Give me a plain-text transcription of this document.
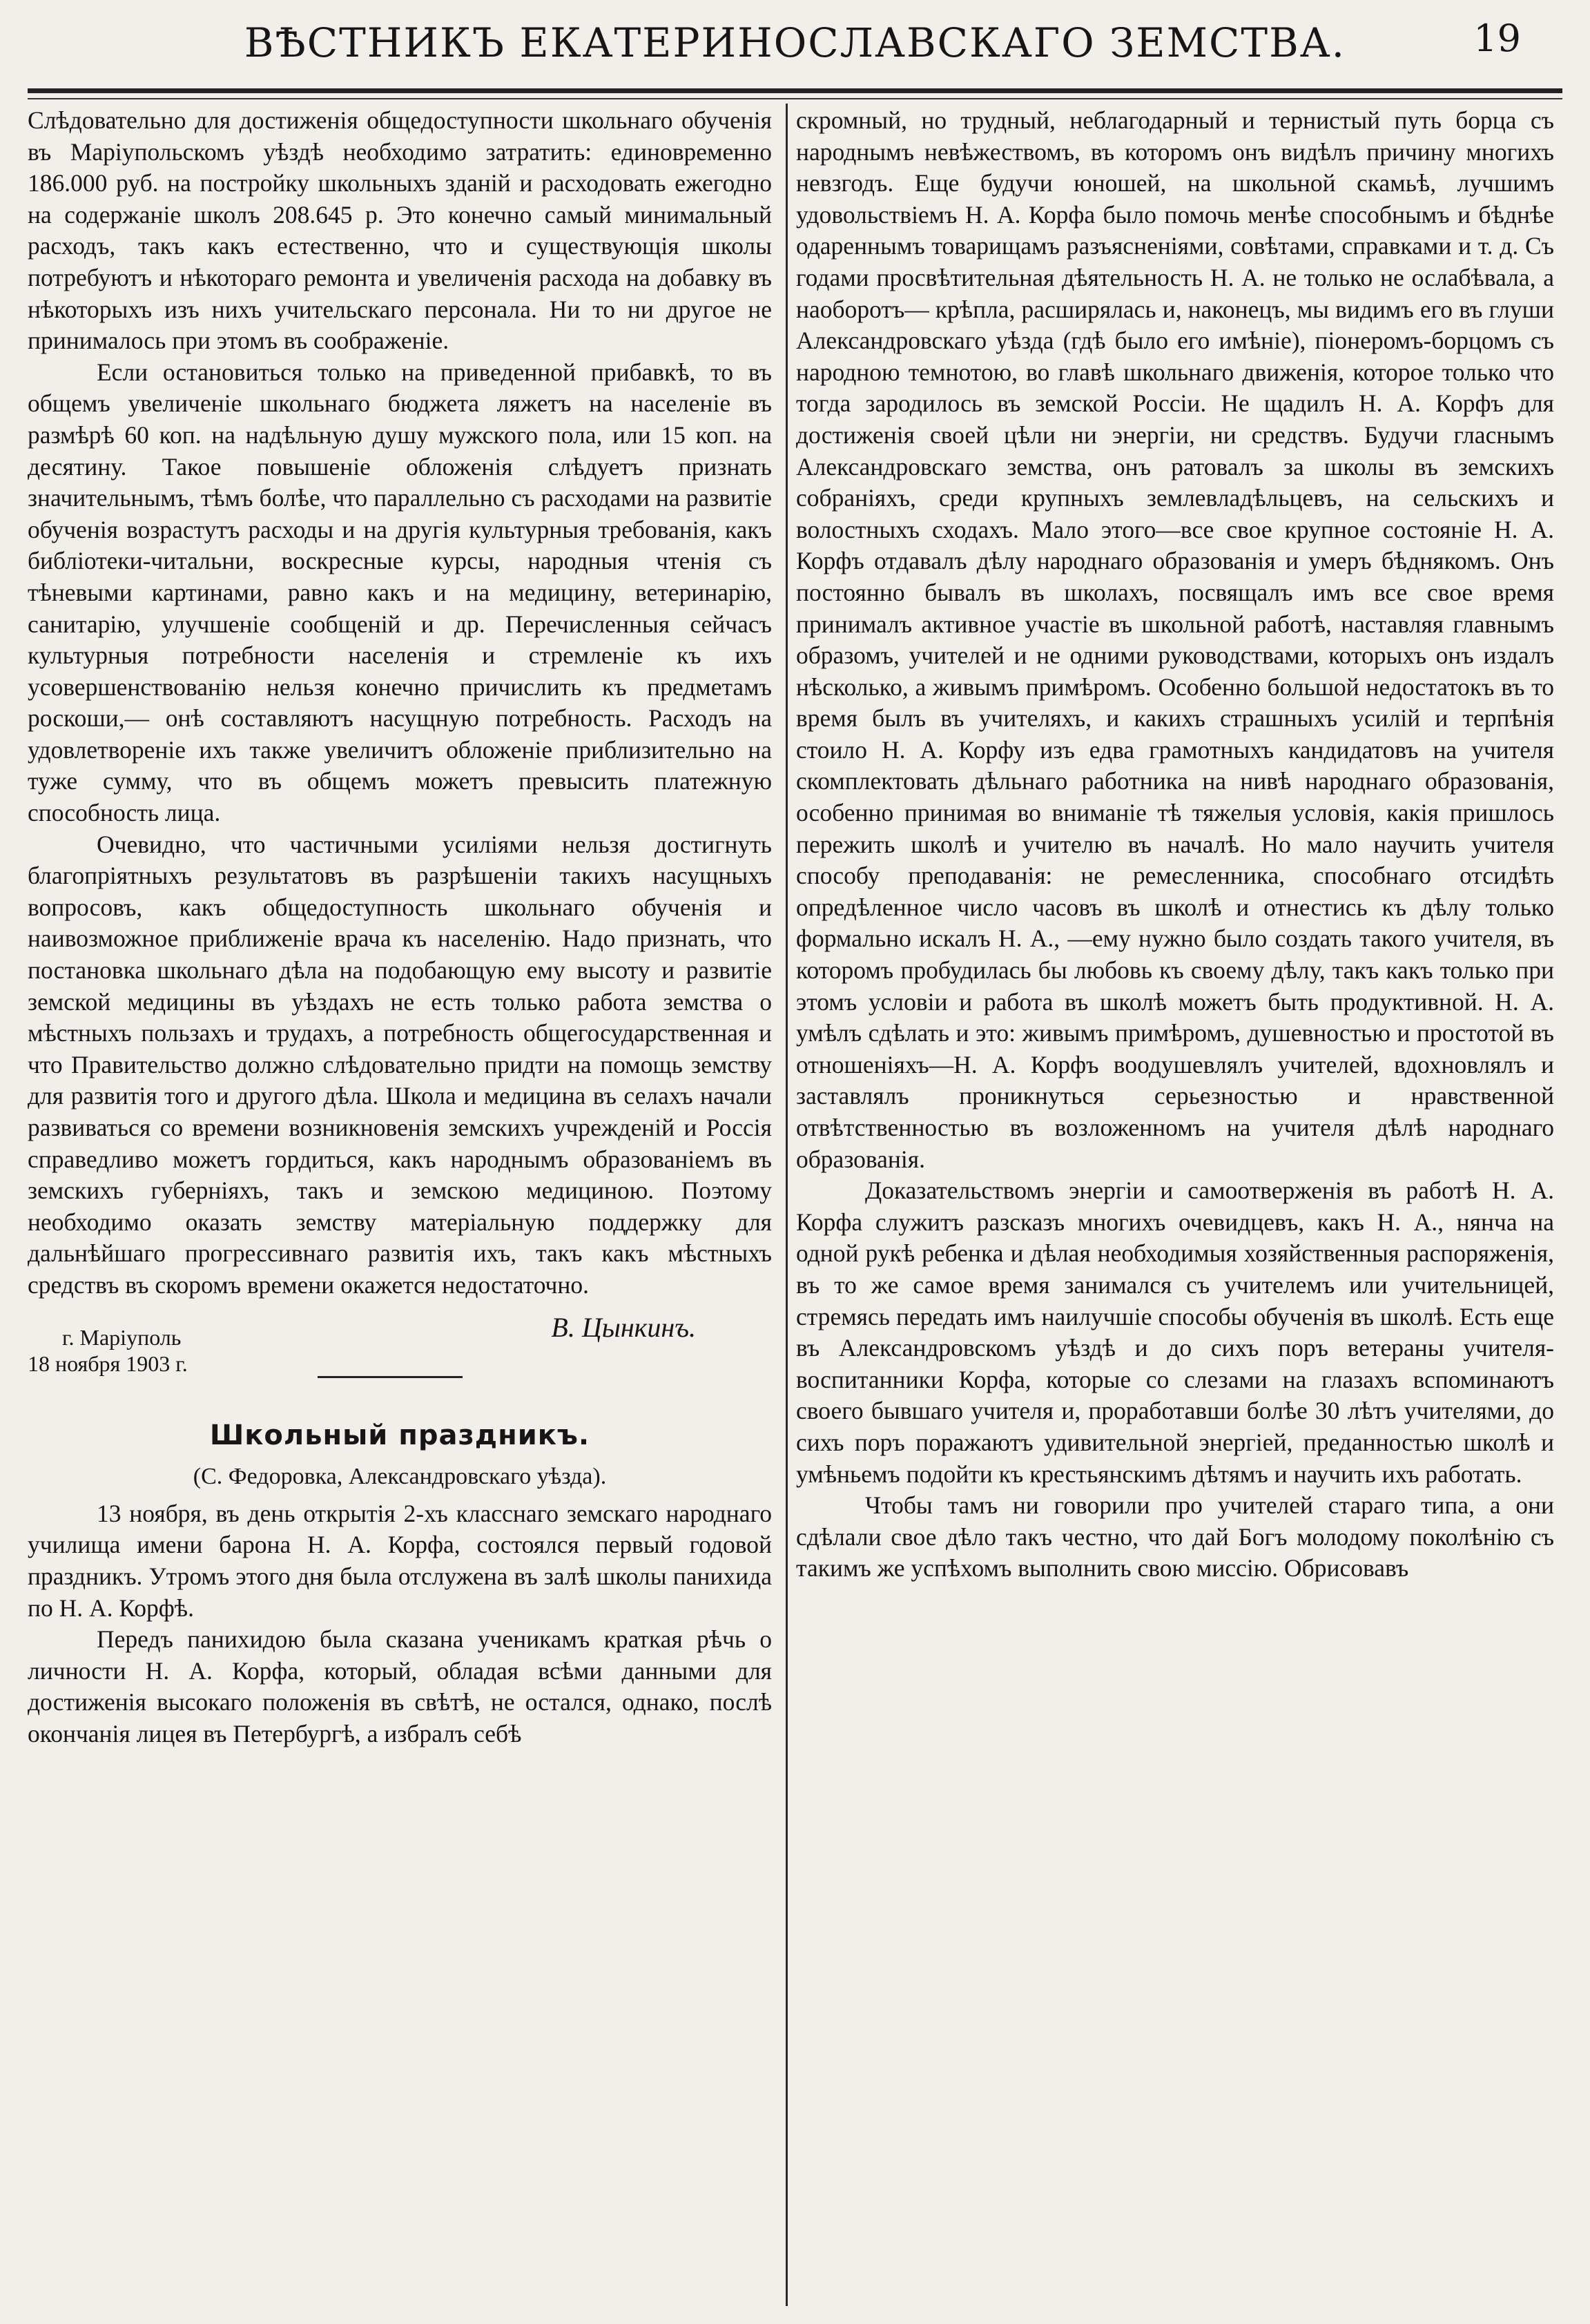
ВѢСТНИКЪ ЕКАТЕРИНОСЛАВСКАГО ЗЕМСТВА.	19

Слѣдовательно для достиженія общедоступности школьнаго обученія въ Маріупольскомъ уѣздѣ необходимо затратить: единовременно 186.000 руб. на постройку школьныхъ зданій и расходовать ежегодно на содержаніе школъ 208.645 р. Это конечно самый минимальный расходъ, такъ какъ естественно, что и существующія школы потребуютъ и нѣкотораго ремонта и увеличенія расхода на добавку въ нѣкоторыхъ изъ нихъ учительскаго персонала. Ни то ни другое не принималось при этомъ въ соображеніе.

Если остановиться только на приведенной прибавкѣ, то въ общемъ увеличеніе школьнаго бюджета ляжетъ на населеніе въ размѣрѣ 60 коп. на надѣльную душу мужского пола, или 15 коп. на десятину. Такое повышеніе обложенія слѣдуетъ признать значительнымъ, тѣмъ болѣе, что параллельно съ расходами на развитіе обученія возрастутъ расходы и на другія культурныя требованія, какъ библіотеки-читальни, воскресные курсы, народныя чтенія съ тѣневыми картинами, равно какъ и на медицину, ветеринарію, санитарію, улучшеніе сообщеній и др. Перечисленныя сейчасъ культурныя потребности населенія и стремленіе къ ихъ усовершенствованію нельзя конечно причислить къ предметамъ роскоши,— онѣ составляютъ насущную потребность. Расходъ на удовлетвореніе ихъ также увеличитъ обложеніе приблизительно на туже сумму, что въ общемъ можетъ превысить платежную способность лица.

Очевидно, что частичными усиліями нельзя достигнуть благопріятныхъ результатовъ въ разрѣшеніи такихъ насущныхъ вопросовъ, какъ общедоступность школьнаго обученія и наивозможное приближеніе врача къ населенію. Надо признать, что постановка школьнаго дѣла на подобающую ему высоту и развитіе земской медицины въ уѣздахъ не есть только работа земства о мѣстныхъ пользахъ и трудахъ, а потребность общегосударственная и что Правительство должно слѣдовательно придти на помощь земству для развитія того и другого дѣла. Школа и медицина въ селахъ начали развиваться со времени возникновенія земскихъ учрежденій и Россія справедливо можетъ гордиться, какъ народнымъ образованіемъ въ земскихъ губерніяхъ, такъ и земскою медициною. Поэтому необходимо оказать земству матеріальную поддержку для дальнѣйшаго прогрессивнаго развитія ихъ, такъ какъ мѣстныхъ средствъ въ скоромъ времени окажется недостаточно.

г. Маріуполь
18 ноября 1903 г.
В. Цынкинъ.
Школьный праздникъ.
(С. Федоровка, Александровскаго уѣзда).

13 ноября, въ день открытія 2-хъ класснаго земскаго народнаго училища имени барона Н. А. Корфа, состоялся первый годовой праздникъ. Утромъ этого дня была отслужена въ залѣ школы панихида по Н. А. Корфѣ.

Передъ панихидою была сказана ученикамъ краткая рѣчь о личности Н. А. Корфа, который, обладая всѣми данными для достиженія высокаго положенія въ свѣтѣ, не остался, однако, послѣ окончанія лицея въ Петербургѣ, а избралъ себѣ

скромный, но трудный, неблагодарный и тернистый путь борца съ народнымъ невѣжествомъ, въ которомъ онъ видѣлъ причину многихъ невзгодъ. Еще будучи юношей, на школьной скамьѣ, лучшимъ удовольствіемъ Н. А. Корфа было помочь менѣе способнымъ и бѣднѣе одареннымъ товарищамъ разъясненіями, совѣтами, справками и т. д. Съ годами просвѣтительная дѣятельность Н. А. не только не ослабѣвала, а наоборотъ— крѣпла, расширялась и, наконецъ, мы видимъ его въ глуши Александровскаго уѣзда (гдѣ было его имѣніе), піонеромъ-борцомъ съ народною темнотою, во главѣ школьнаго движенія, которое только что тогда зародилось въ земской Россіи. Не щадилъ Н. А. Корфъ для достиженія своей цѣли ни энергіи, ни средствъ. Будучи гласнымъ Александровскаго земства, онъ ратовалъ за школы въ земскихъ собраніяхъ, среди крупныхъ землевладѣльцевъ, на сельскихъ и волостныхъ сходахъ. Мало этого—все свое крупное состояніе Н. А. Корфъ отдавалъ дѣлу народнаго образованія и умеръ бѣднякомъ. Онъ постоянно бывалъ въ школахъ, посвящалъ имъ все свое время принималъ активное участіе въ школьной работѣ, наставляя главнымъ образомъ, учителей и не одними руководствами, которыхъ онъ издалъ нѣсколько, а живымъ примѣромъ. Особенно большой недостатокъ въ то время былъ въ учителяхъ, и какихъ страшныхъ усилій и терпѣнія стоило Н. А. Корфу изъ едва грамотныхъ кандидатовъ на учителя скомплектовать дѣльнаго работника на нивѣ народнаго образованія, особенно принимая во вниманіе тѣ тяжелыя условія, какія пришлось пережить школѣ и учителю въ началѣ. Но мало научить учителя способу преподаванія: не ремесленника, способнаго отсидѣть опредѣленное число часовъ въ школѣ и отнестись къ дѣлу только формально искалъ Н. А., —ему нужно было создать такого учителя, въ которомъ пробудилась бы любовь къ своему дѣлу, такъ какъ только при этомъ условіи и работа въ школѣ можетъ быть продуктивной. Н. А. умѣлъ сдѣлать и это: живымъ примѣромъ, душевностью и простотой въ отношеніяхъ—Н. А. Корфъ воодушевлялъ учителей, вдохновлялъ и заставлялъ проникнуться серьезностью и нравственной отвѣтственностью въ возложенномъ на учителя дѣлѣ народнаго образованія.

Доказательствомъ энергіи и самоотверженія въ работѣ Н. А. Корфа служитъ разсказъ многихъ очевидцевъ, какъ Н. А., нянча на одной рукѣ ребенка и дѣлая необходимыя хозяйственныя распоряженія, въ то же самое время занимался съ учителемъ или учительницей, стремясь передать имъ наилучшіе способы обученія въ школѣ. Есть еще въ Александровскомъ уѣздѣ и до сихъ поръ ветераны учителя-воспитанники Корфа, которые со слезами на глазахъ вспоминаютъ своего бывшаго учителя и, проработавши болѣе 30 лѣтъ учителями, до сихъ поръ поражаютъ удивительной энергіей, преданностью школѣ и умѣньемъ подойти къ крестьянскимъ дѣтямъ и научить ихъ работать.

Чтобы тамъ ни говорили про учителей стараго типа, а они сдѣлали свое дѣло такъ честно, что дай Богъ молодому поколѣнію съ такимъ же успѣхомъ выполнить свою миссію. Обрисовавъ
